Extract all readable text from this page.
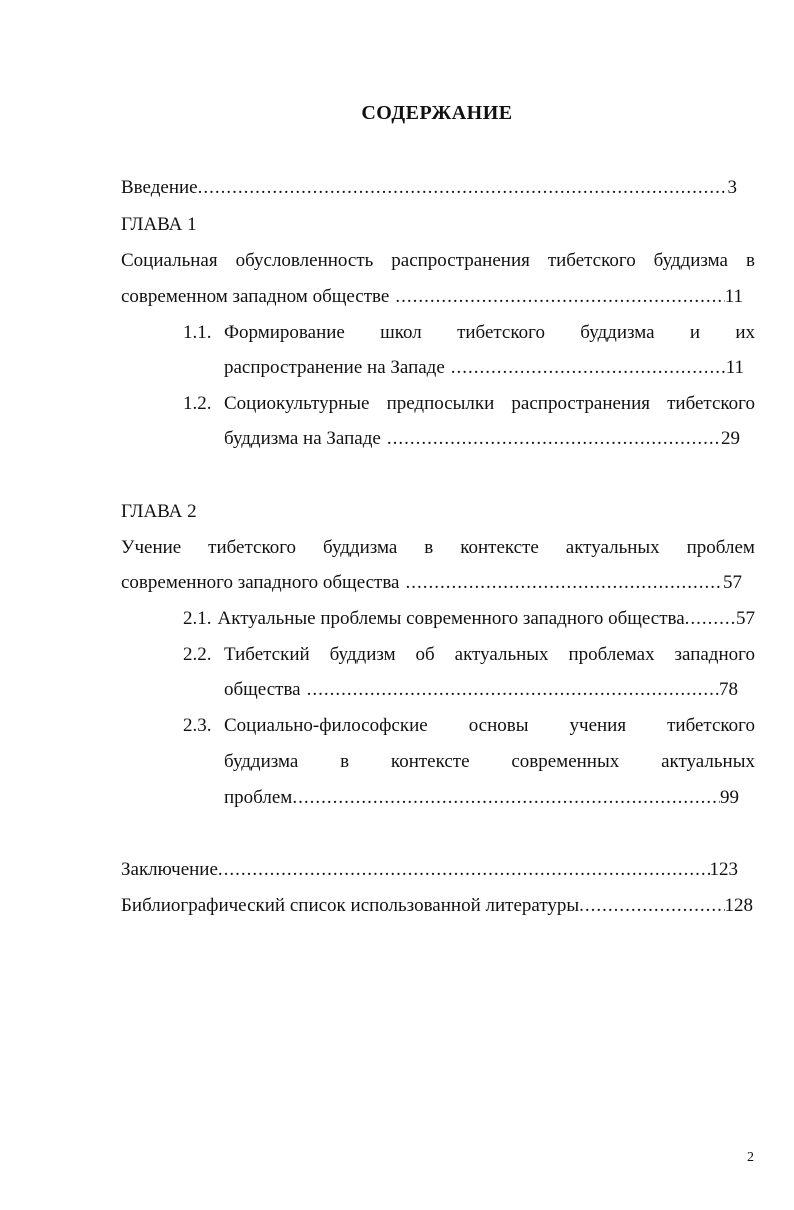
СОДЕРЖАНИЕ
Введение .....	3
ГЛАВА 1
Социальная обусловленность распространения тибетского буддизма в
современном западном обществе .....	11
1.1. Формирование школ тибетского буддизма и их
распространение на Западе .....	11
1.2. Социокультурные предпосылки распространения тибетского
буддизма на Западе .....	29
ГЛАВА 2
Учение тибетского буддизма в контексте актуальных проблем
современного западного общества .....	57
2.1. Актуальные проблемы современного западного общества .....	57
2.2. Тибетский буддизм об актуальных проблемах западного
общества .....	78
2.3. Социально-философские основы учения тибетского
буддизма в контексте современных актуальных
проблем .....	99
Заключение .....	123
Библиографический список использованной литературы .....	128
2
